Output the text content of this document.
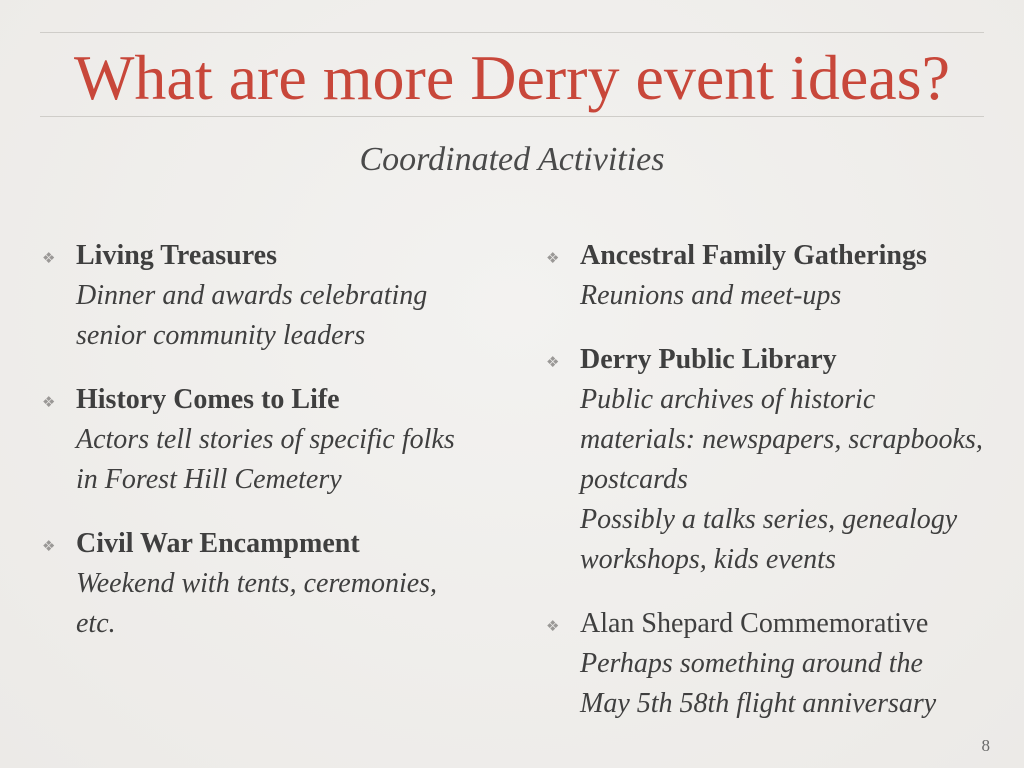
What are more Derry event ideas?
Coordinated Activities
❖ Living Treasures
Dinner and awards celebrating
senior community leaders
❖ History Comes to Life
Actors tell stories of specific folks
in Forest Hill Cemetery
❖ Civil War Encampment
Weekend with tents, ceremonies,
etc.
❖ Ancestral Family Gatherings
Reunions and meet-ups
❖ Derry Public Library
Public archives of historic
materials: newspapers, scrapbooks,
postcards
Possibly a talks series, genealogy
workshops, kids events
❖ Alan Shepard Commemorative
Perhaps something around the
May 5th 58th flight anniversary
8
